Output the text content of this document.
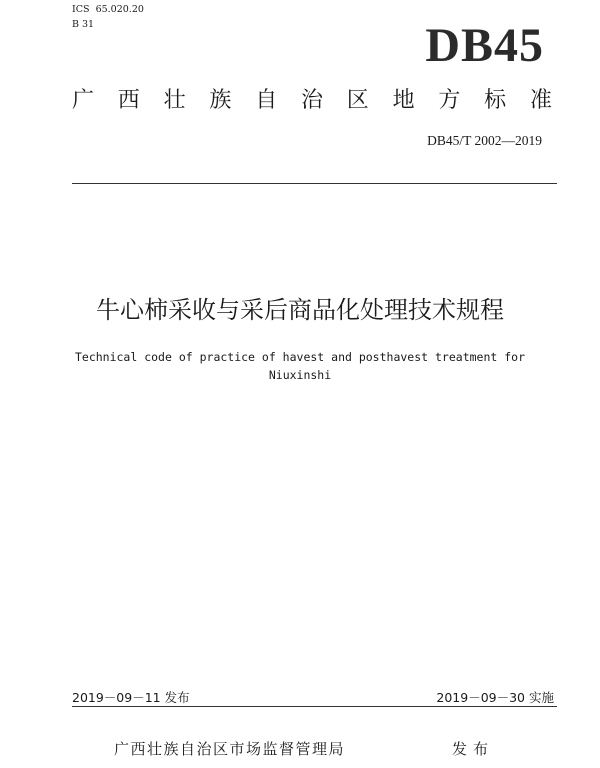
ICS  65.020.20
B 31	DB45
广 西 壮 族 自 治 区 地 方 标 准
DB45/T 2002—2019
牛心柿采收与采后商品化处理技术规程
Technical code of practice of havest and posthavest treatment for
Niuxinshi
2019－09－11 发布	2019－09－30 实施
广西壮族自治区市场监督管理局	发布
